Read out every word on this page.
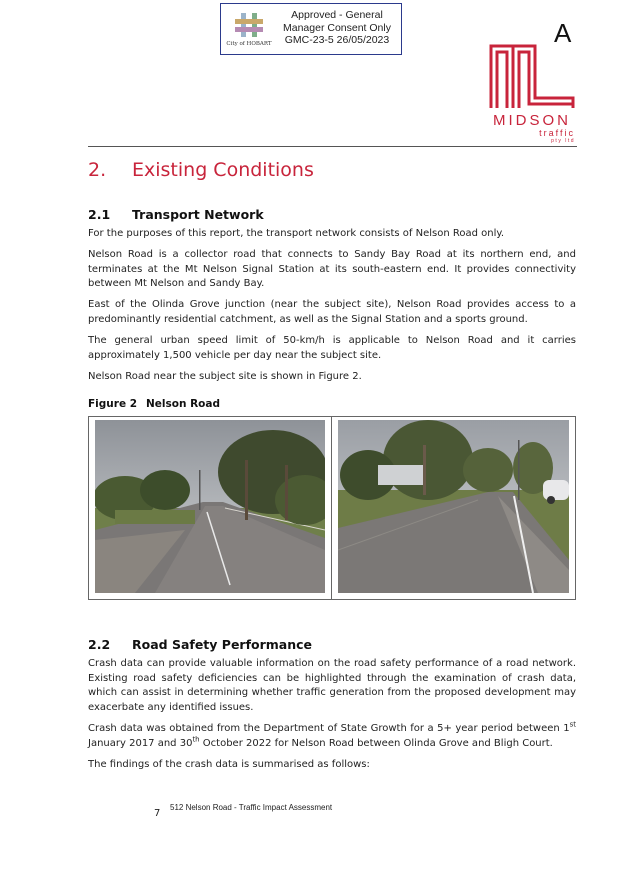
City of HOBART
Approved - General
Manager Consent Only
GMC-23-5 26/05/2023	A
MIDSON
traffic
pty ltd
2. Existing Conditions
2.1 Transport Network
For the purposes of this report, the transport network consists of Nelson Road only.
Nelson Road is a collector road that connects to Sandy Bay Road at its northern end, and terminates at the Mt Nelson Signal Station at its south-eastern end. It provides connectivity between Mt Nelson and Sandy Bay.
East of the Olinda Grove junction (near the subject site), Nelson Road provides access to a predominantly residential catchment, as well as the Signal Station and a sports ground.
The general urban speed limit of 50-km/h is applicable to Nelson Road and it carries approximately 1,500 vehicle per day near the subject site.
Nelson Road near the subject site is shown in Figure 2.
Figure 2 Nelson Road
2.2 Road Safety Performance
Crash data can provide valuable information on the road safety performance of a road network. Existing road safety deficiencies can be highlighted through the examination of crash data, which can assist in determining whether traffic generation from the proposed development may exacerbate any identified issues.
Crash data was obtained from the Department of State Growth for a 5+ year period between 1st January 2017 and 30th October 2022 for Nelson Road between Olinda Grove and Bligh Court.
The findings of the crash data is summarised as follows:
512 Nelson Road - Traffic Impact Assessment
7
